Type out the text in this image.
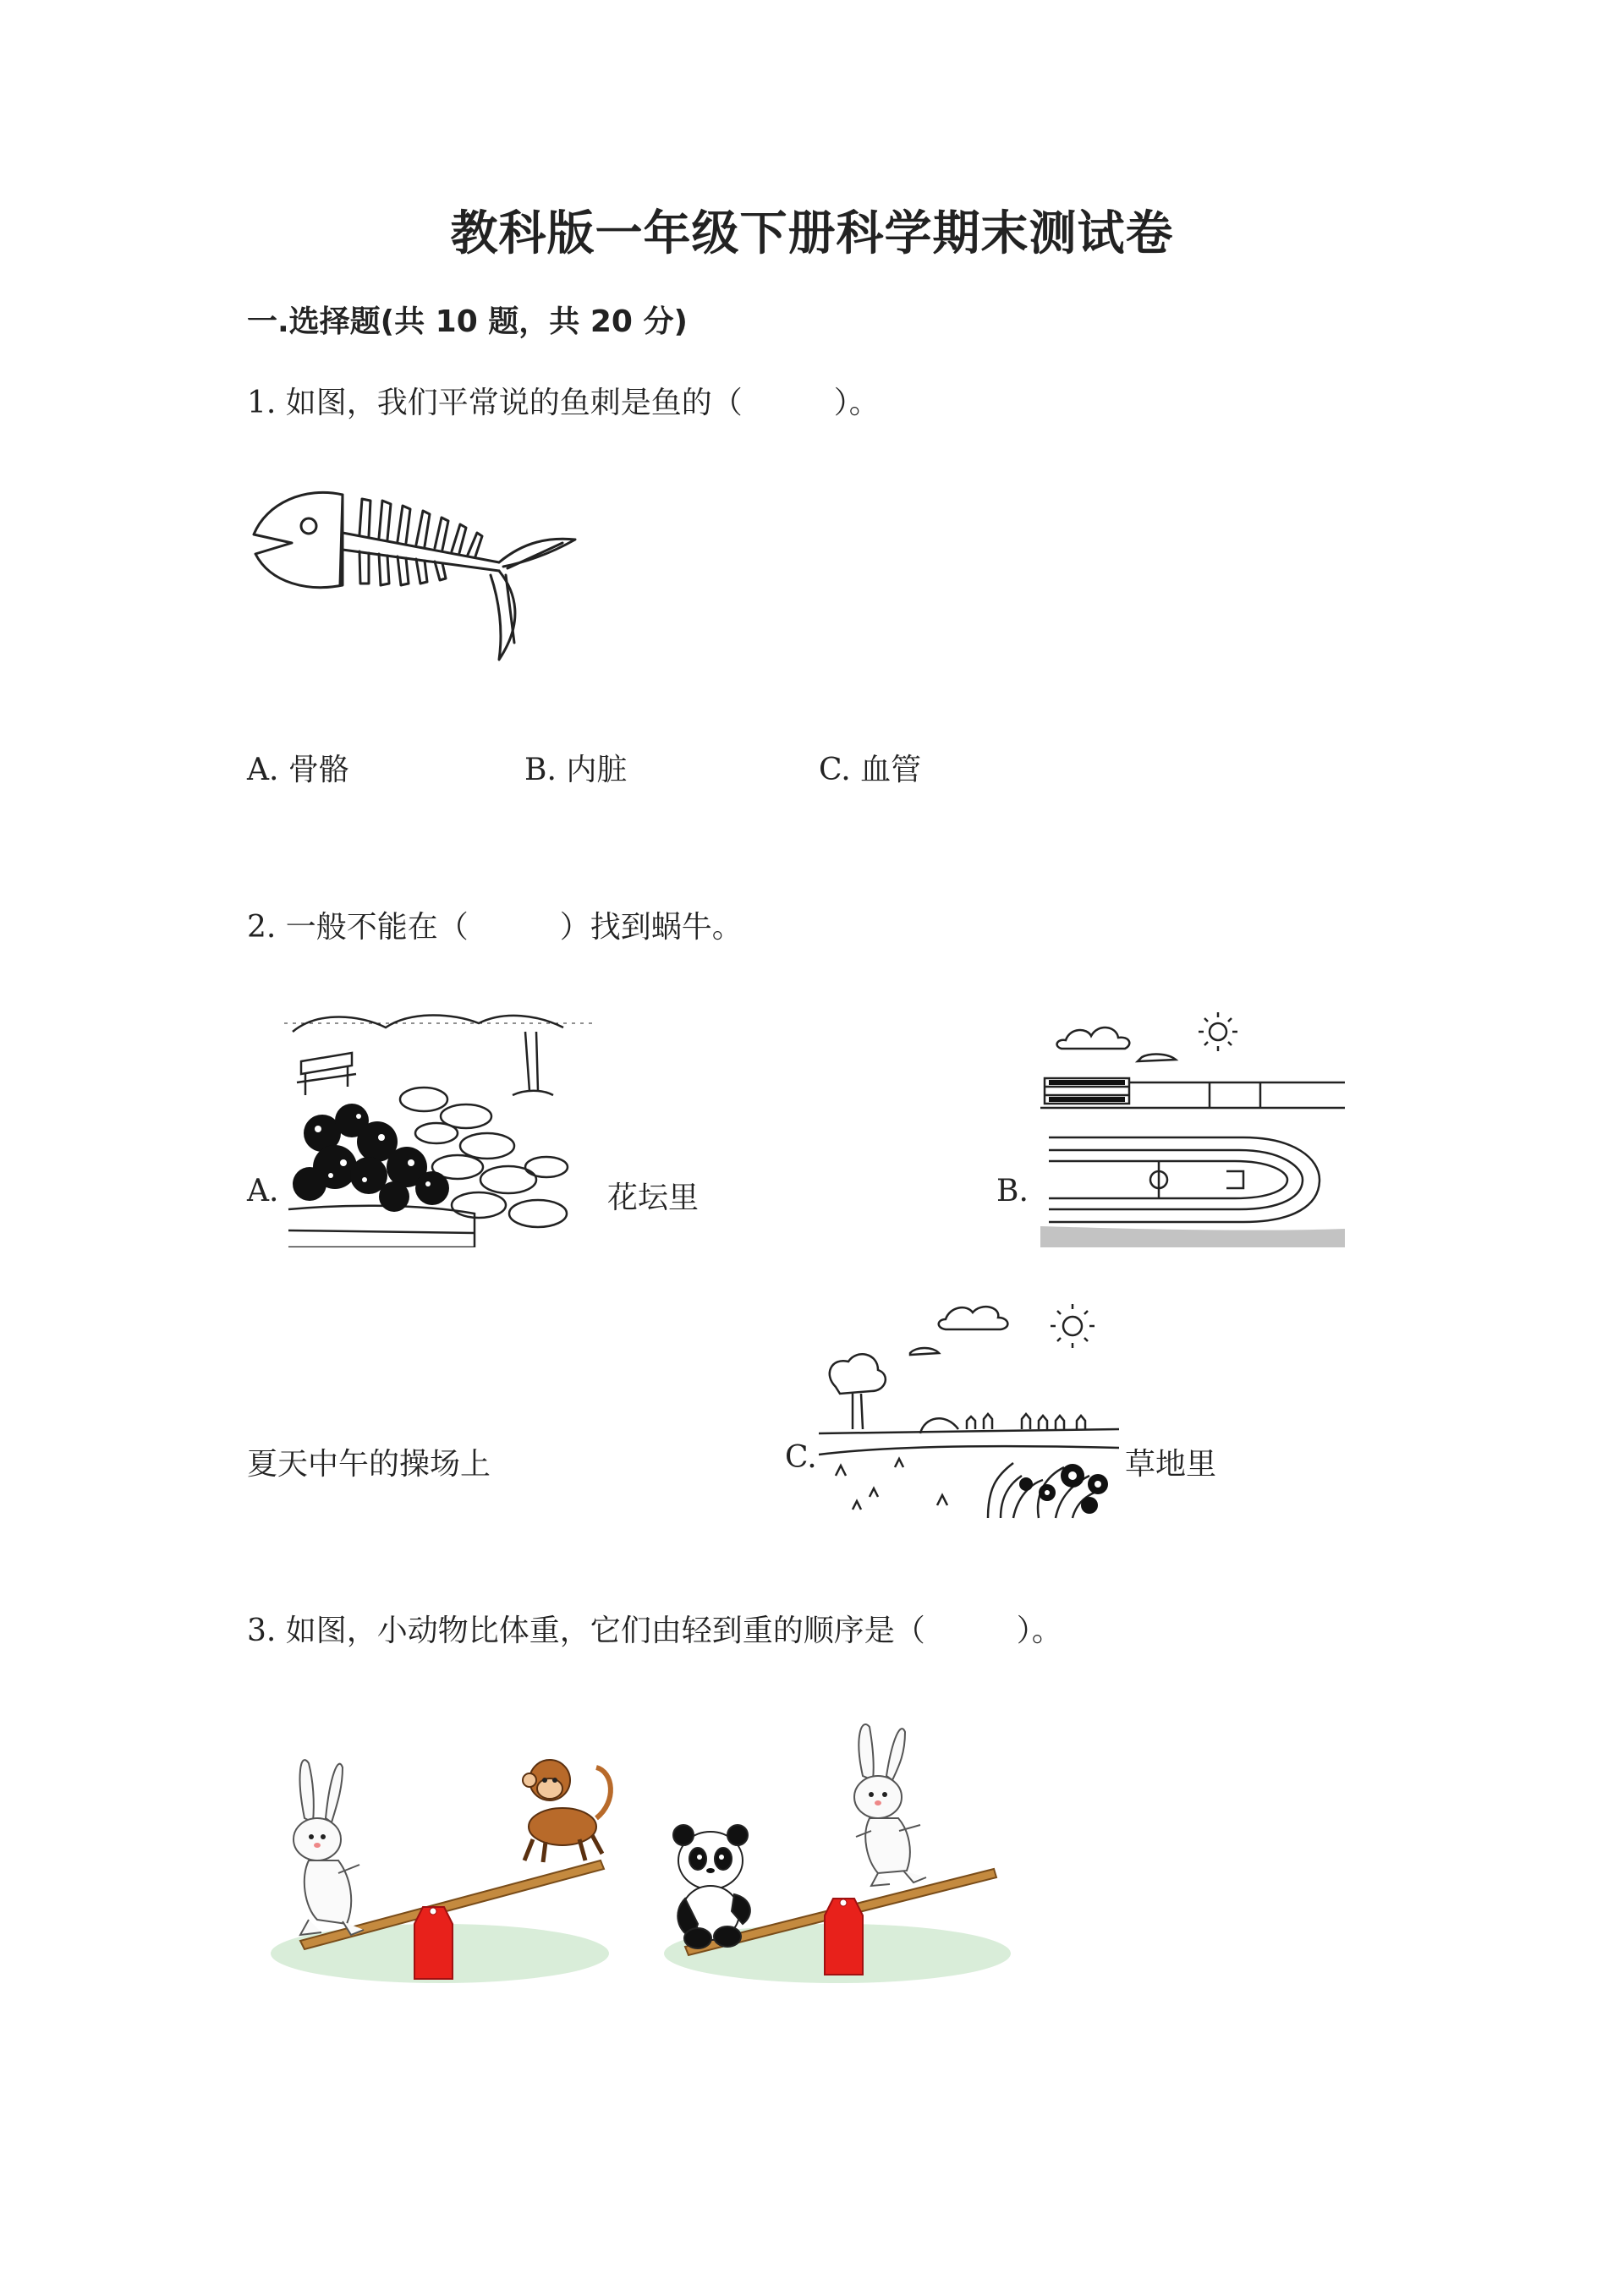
教科版一年级下册科学期末测试卷
一.选择题(共 10 题，共 20 分)
1. 如图，我们平常说的鱼刺是鱼的（　　　）。
A. 骨骼	B. 内脏	C. 血管
2. 一般不能在（　　　）找到蜗牛。
A.	花坛里	B.
夏天中午的操场上	C.	草地里
3. 如图，小动物比体重，它们由轻到重的顺序是（　　　）。
